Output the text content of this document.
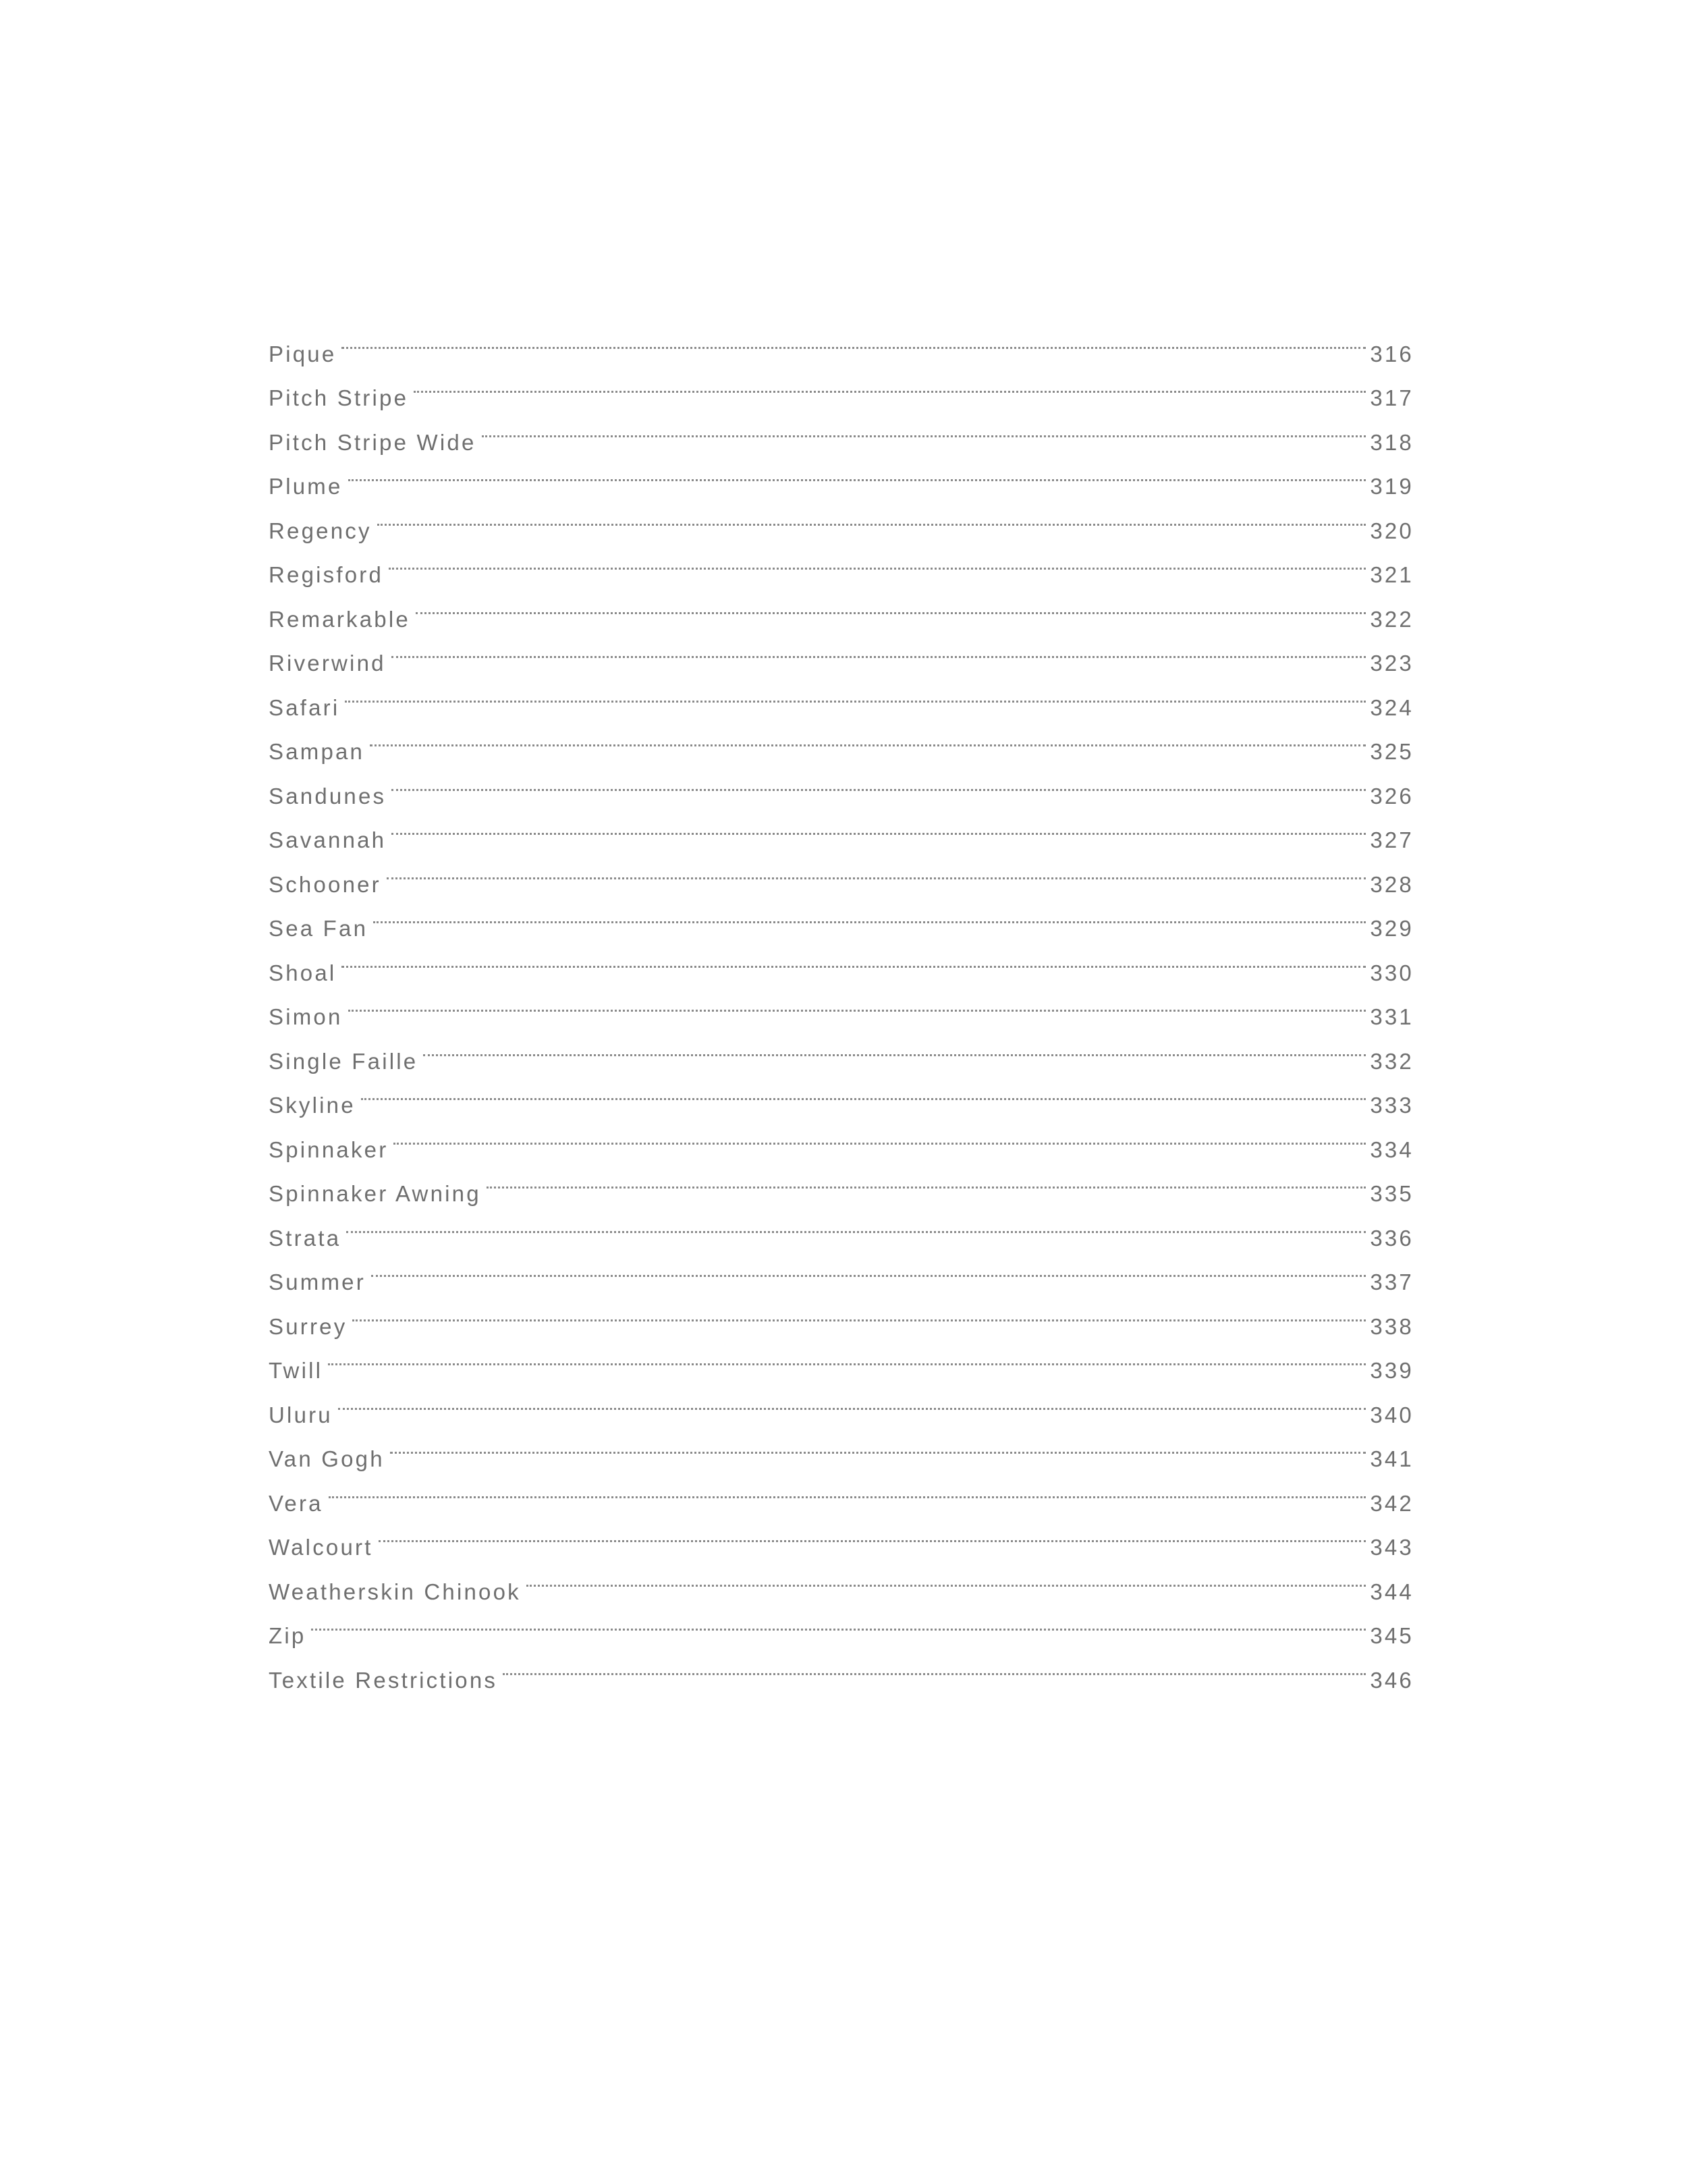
Pique	316
Pitch Stripe	317
Pitch Stripe Wide	318
Plume	319
Regency	320
Regisford	321
Remarkable	322
Riverwind	323
Safari	324
Sampan	325
Sandunes	326
Savannah	327
Schooner	328
Sea Fan	329
Shoal	330
Simon	331
Single Faille	332
Skyline	333
Spinnaker	334
Spinnaker Awning	335
Strata	336
Summer	337
Surrey	338
Twill	339
Uluru	340
Van Gogh	341
Vera	342
Walcourt	343
Weatherskin Chinook	344
Zip	345
Textile Restrictions	346
